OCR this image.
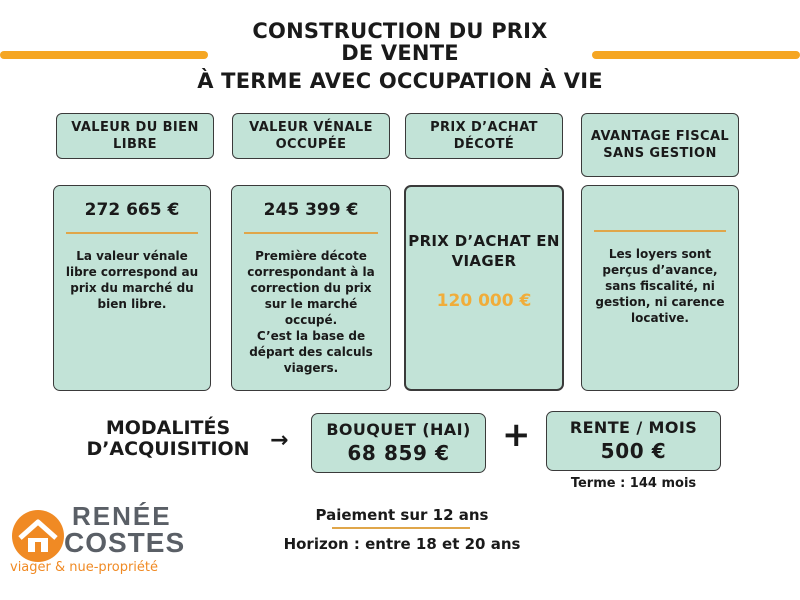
CONSTRUCTION DU PRIX
DE VENTE
À TERME AVEC OCCUPATION À VIE
VALEUR DU BIEN LIBRE
VALEUR VÉNALE OCCUPÉE
PRIX D’ACHAT DÉCOTÉ
AVANTAGE FISCAL SANS GESTION
272 665 €
La valeur vénale libre correspond au prix du marché du bien libre.
245 399 €
Première décote correspondant à la correction du prix sur le marché occupé.
C’est la base de départ des calculs viagers.
PRIX D’ACHAT EN VIAGER
120 000 €
Les loyers sont perçus d’avance, sans fiscalité, ni gestion, ni carence locative.
MODALITÉS D’ACQUISITION →	BOUQUET (HAI)
68 859 €	+	RENTE / MOIS
500 €
Terme : 144 mois
Paiement sur 12 ans
Horizon : entre 18 et 20 ans
RENÉE
COSTES
viager & nue-propriété
